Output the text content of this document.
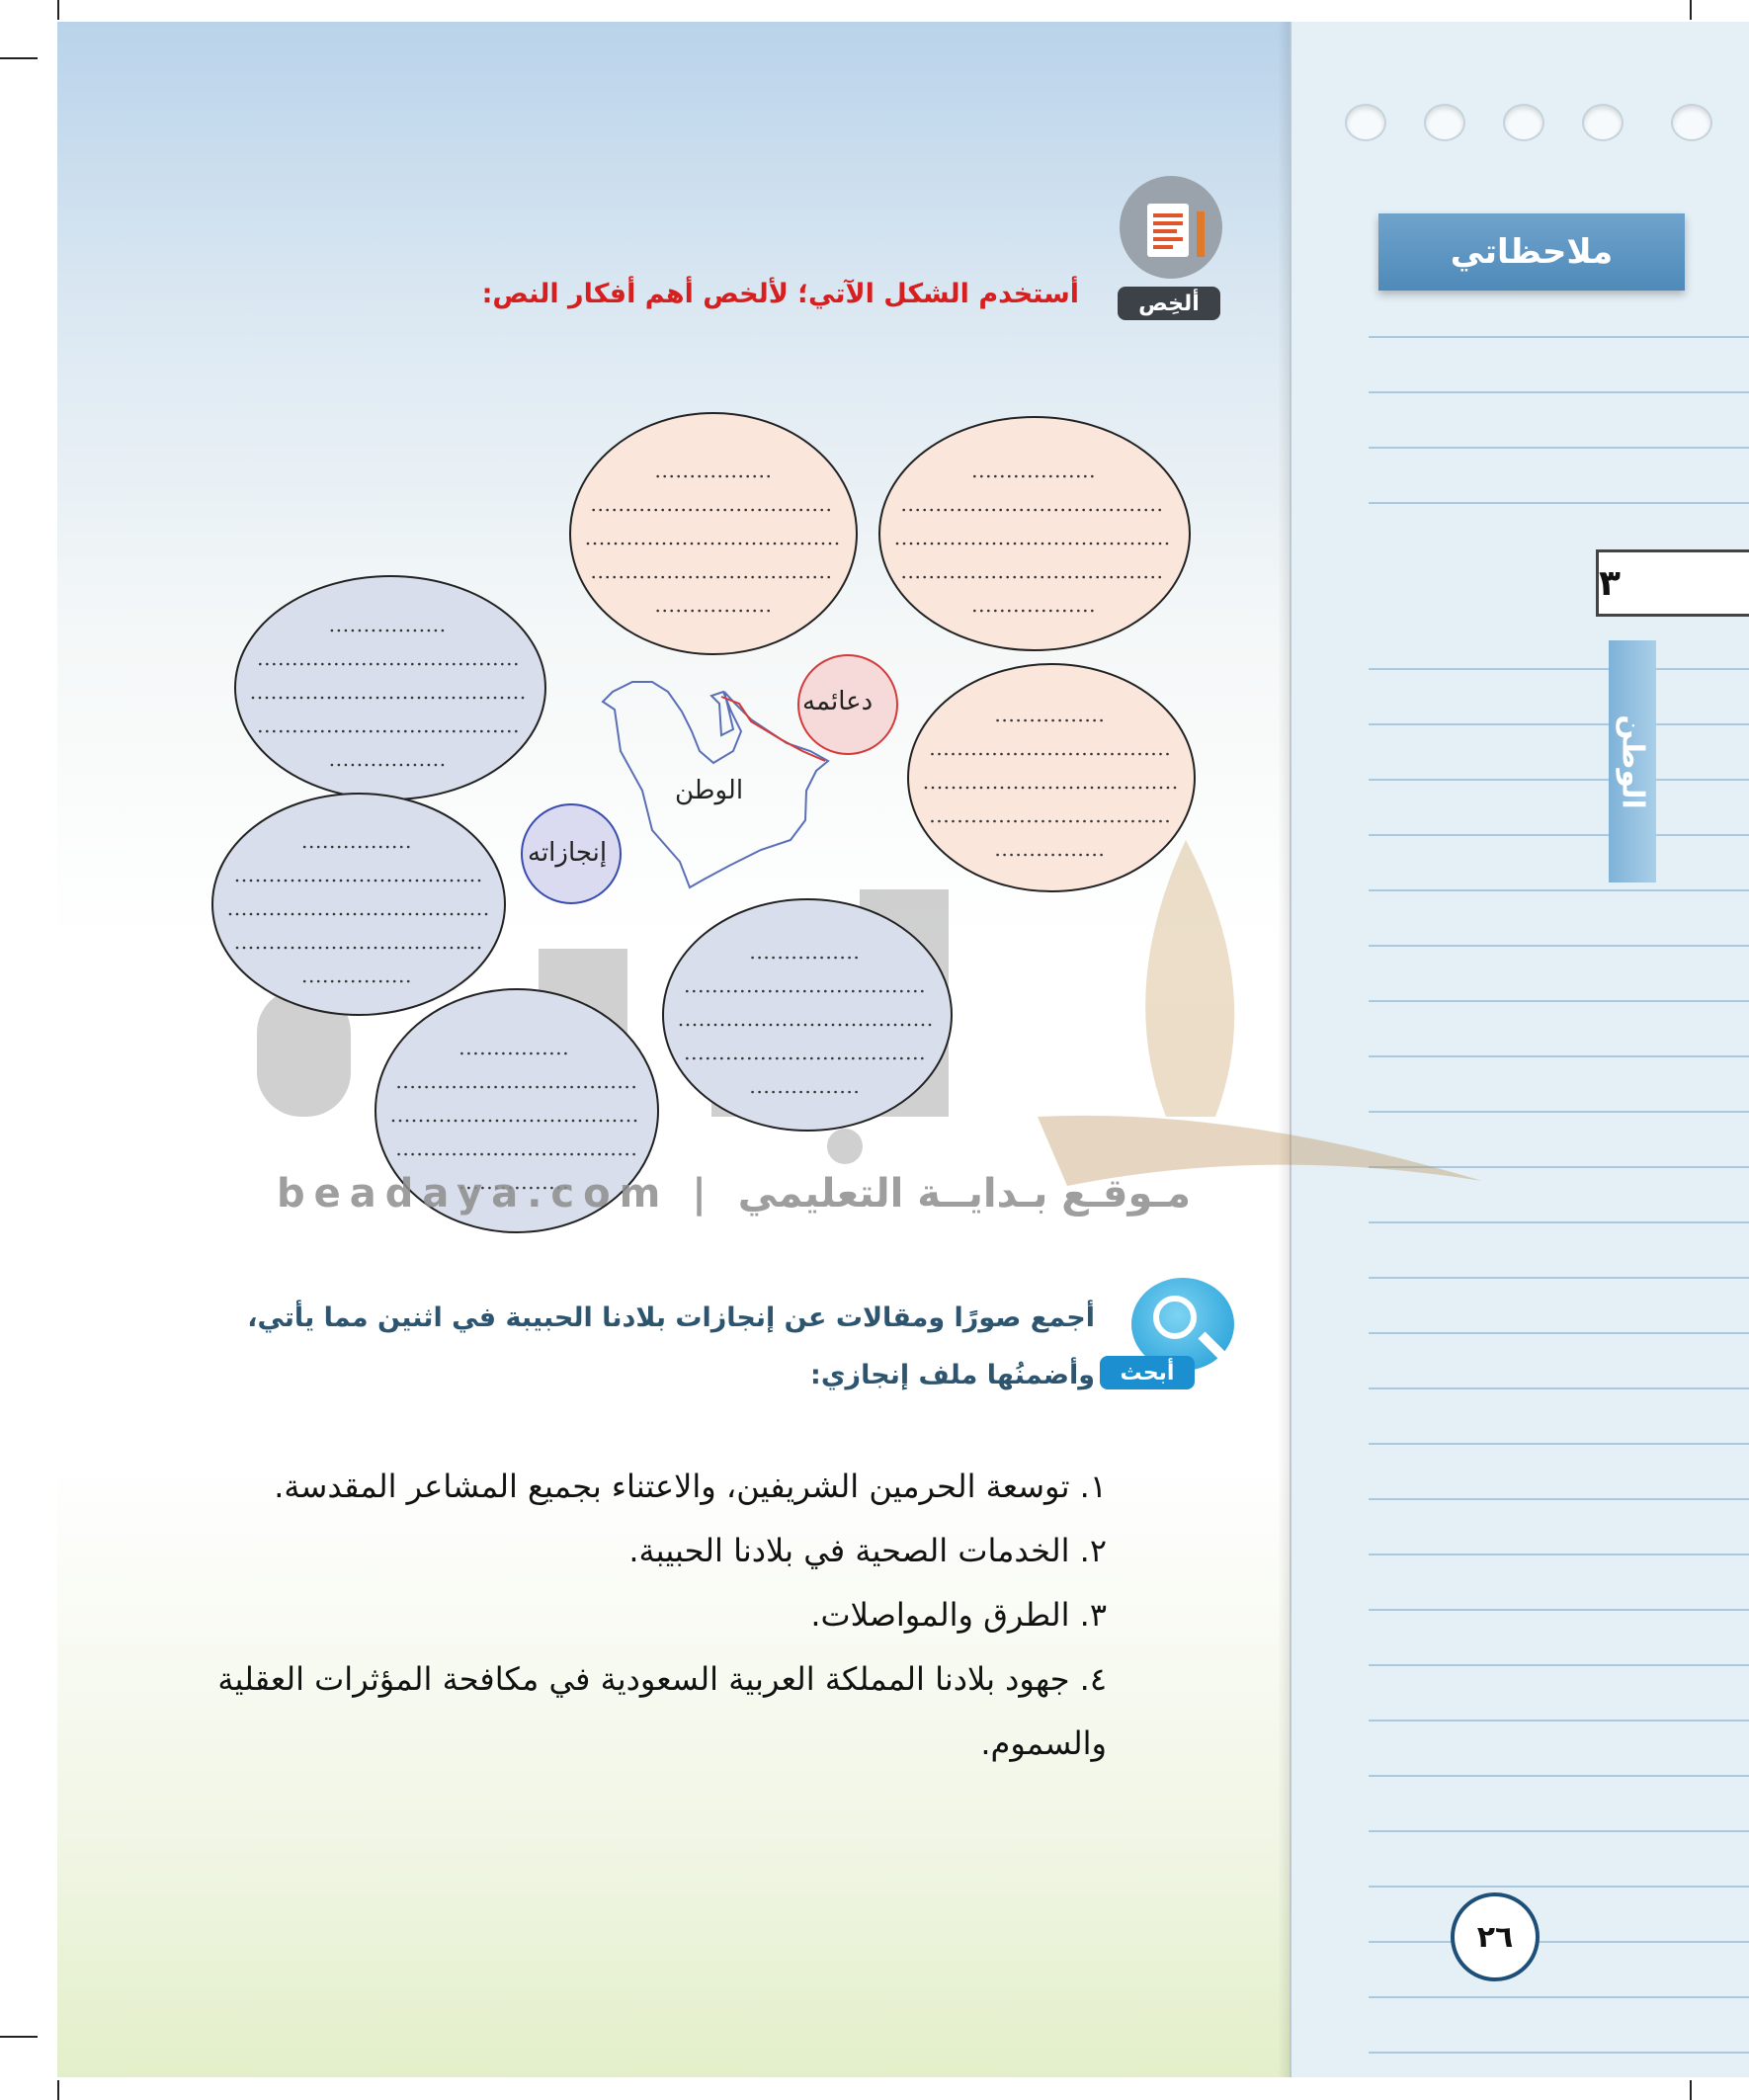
ملاحظاتي
٣
الوطن
٢٦
ألخِص
أستخدم الشكل الآتي؛ لألخص أهم أفكار النص:
الوطن
دعائمه
إنجازاته
beadaya.com | مـوقـع بـدايــة التعليمي
أبحث
أجمع صورًا ومقالات عن إنجازات بلادنا الحبيبة في اثنين مما يأتي،
وأضمنُها ملف إنجازي:
١. توسعة الحرمين الشريفين، والاعتناء بجميع المشاعر المقدسة.
٢. الخدمات الصحية في بلادنا الحبيبة.
٣. الطرق والمواصلات.
٤. جهود بلادنا المملكة العربية السعودية في مكافحة المؤثرات العقلية
والسموم.
